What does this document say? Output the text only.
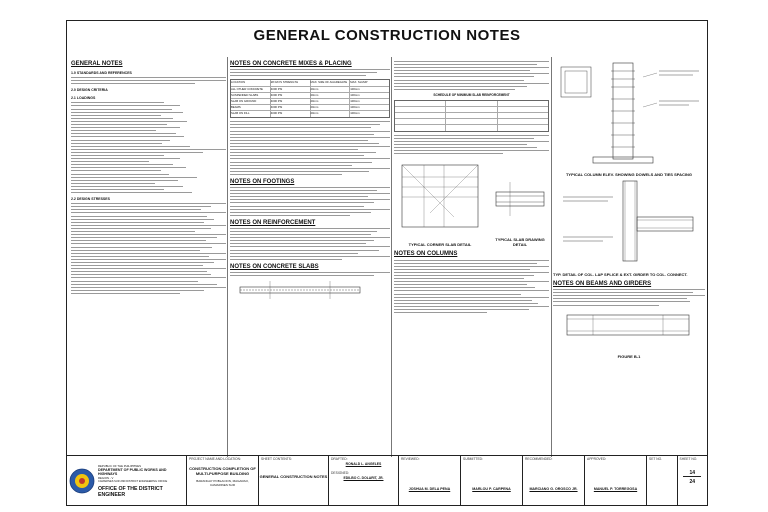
GENERAL CONSTRUCTION NOTES
GENERAL NOTES
1.0 STANDARDS AND REFERENCES
2.0 DESIGN CRITERIA
2.1 LOADINGS
2.2 DESIGN STRESSES
NOTES ON CONCRETE MIXES & PLACING
LOCATION	28 DAYS STRENGTH	MAX. SIZE OF AGGREGATE	MAX. SLUMP
ALL OTHER CONCRETE	4000 PSI	20mm	100mm
SUSPENDED SLABS	4000 PSI	20mm	100mm
SLAB ON GROUND	4000 PSI	20mm	100mm
BEAMS	4000 PSI	20mm	100mm
SLAB ON FILL	4000 PSI	20mm	100mm
NOTES ON FOOTINGS
NOTES ON REINFORCEMENT
NOTES ON CONCRETE SLABS
SCHEDULE OF MINIMUM SLAB REINFORCEMENT
TYPICAL CORNER SLAB DETAIL
TYPICAL SLAB DRAWING DETAIL
NOTES ON COLUMNS
TYPICAL COLUMN ELEV. SHOWING DOWELS AND TIES SPACING
TYP. DETAIL OF COL. LAP SPLICE & EXT. GIRDER TO COL. CONNECT.
NOTES ON BEAMS AND GIRDERS
FIGURE B-1
REPUBLIC OF THE PHILIPPINES
DEPARTMENT OF PUBLIC WORKS AND HIGHWAYS
REGION - V
CAMARINES SUR 2ND DISTRICT ENGINEERING OFFICE
OFFICE OF THE DISTRICT ENGINEER
PROJECT NAME AND LOCATION:
CONSTRUCTION COMPLETION OF MULTI-PURPOSE BUILDING
BARANGAY POBLACION, MAGARAO, CAMARINES SUR
SHEET CONTENTS:
GENERAL CONSTRUCTION NOTES
DRAFTED:
RONALD L. ANGELES
DESIGNED:
EDILBO C. DOLARIT, JR.
REVIEWED:
JOSHUA M. DELA PENA
SUBMITTED:
MARLOU P. CARPENA
RECOMMENDED:
MARCIANO G. OROSCO JR.
APPROVED:
MANUEL P. TORREGOSA
SET NO.	SHEET NO.
14
24
